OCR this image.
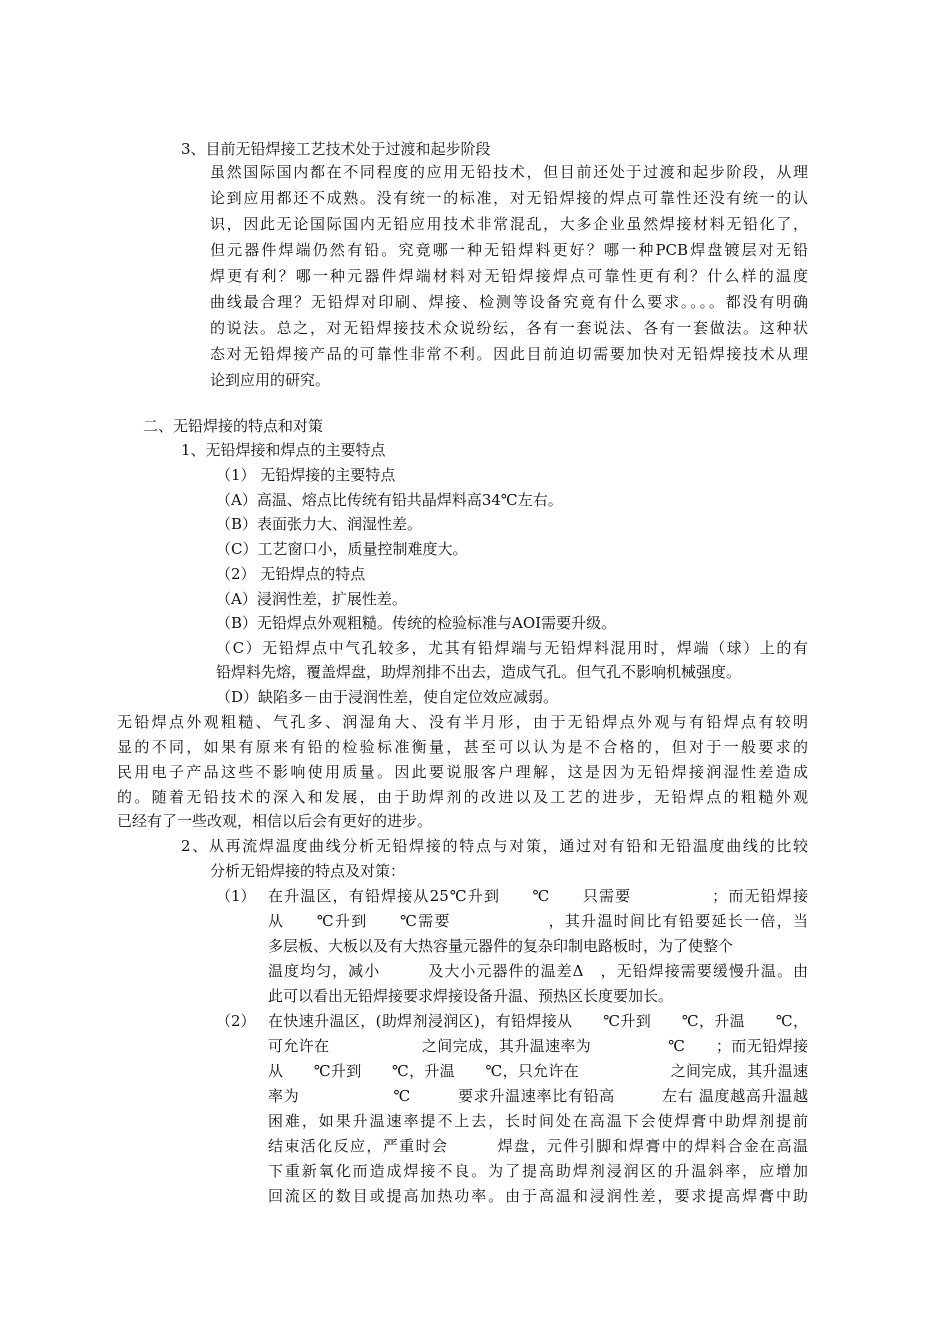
3、目前无铅焊接工艺技术处于过渡和起步阶段
虽然国际国内都在不同程度的应用无铅技术，但目前还处于过渡和起步阶段，从理
论到应用都还不成熟。没有统一的标准，对无铅焊接的焊点可靠性还没有统一的认
识，因此无论国际国内无铅应用技术非常混乱，大多企业虽然焊接材料无铅化了，
但元器件焊端仍然有铅。究竟哪一种无铅焊料更好？哪一种PCB焊盘镀层对无铅
焊更有利？哪一种元器件焊端材料对无铅焊接焊点可靠性更有利？什么样的温度
曲线最合理？无铅焊对印刷、焊接、检测等设备究竟有什么要求。。。。都没有明确
的说法。总之，对无铅焊接技术众说纷纭，各有一套说法、各有一套做法。这种状
态对无铅焊接产品的可靠性非常不利。因此目前迫切需要加快对无铅焊接技术从理
论到应用的研究。
二、无铅焊接的特点和对策
1、无铅焊接和焊点的主要特点
（1） 无铅焊接的主要特点
（A）高温、熔点比传统有铅共晶焊料高34℃左右。
（B）表面张力大、润湿性差。
（C）工艺窗口小，质量控制难度大。
（2） 无铅焊点的特点
（A）浸润性差，扩展性差。
（B）无铅焊点外观粗糙。传统的检验标准与AOI需要升级。
（C）无铅焊点中气孔较多，尤其有铅焊端与无铅焊料混用时，焊端（球）上的有
铅焊料先熔，覆盖焊盘，助焊剂排不出去，造成气孔。但气孔不影响机械强度。
（D）缺陷多－由于浸润性差，使自定位效应减弱。
无铅焊点外观粗糙、气孔多、润湿角大、没有半月形，由于无铅焊点外观与有铅焊点有较明
显的不同，如果有原来有铅的检验标准衡量，甚至可以认为是不合格的，但对于一般要求的
民用电子产品这些不影响使用质量。因此要说服客户理解，这是因为无铅焊接润湿性差造成
的。随着无铅技术的深入和发展，由于助焊剂的改进以及工艺的进步，无铅焊点的粗糙外观
已经有了一些改观，相信以后会有更好的进步。
2、从再流焊温度曲线分析无铅焊接的特点与对策，通过对有铅和无铅温度曲线的比较
分析无铅焊接的特点及对策：
（1） 在升温区，有铅焊接从25℃升到　　℃　　只需要　　　　　；而无铅焊接
从　　℃升到　　℃需要　　　　　　，其升温时间比有铅要延长一倍，当
多层板、大板以及有大热容量元器件的复杂印制电路板时，为了使整个
温度均匀，减小　　　及大小元器件的温差Δ　，无铅焊接需要缓慢升温。由
此可以看出无铅焊接要求焊接设备升温、预热区长度要加长。
（2） 在快速升温区，(助焊剂浸润区)，有铅焊接从　　℃升到　　℃，升温　　℃，
可允许在　　　　　　之间完成，其升温速率为　　　　　℃　　；而无铅焊接
从　　℃升到　　℃，升温　　℃，只允许在　　　　　　之间完成，其升温速
率为　　　　　　℃　　　要求升温速率比有铅高　　　左右 温度越高升温越
困难，如果升温速率提不上去，长时间处在高温下会使焊膏中助焊剂提前
结束活化反应，严重时会　　　焊盘，元件引脚和焊膏中的焊料合金在高温
下重新氧化而造成焊接不良。为了提高助焊剂浸润区的升温斜率，应增加
回流区的数目或提高加热功率。由于高温和浸润性差，要求提高焊膏中助
